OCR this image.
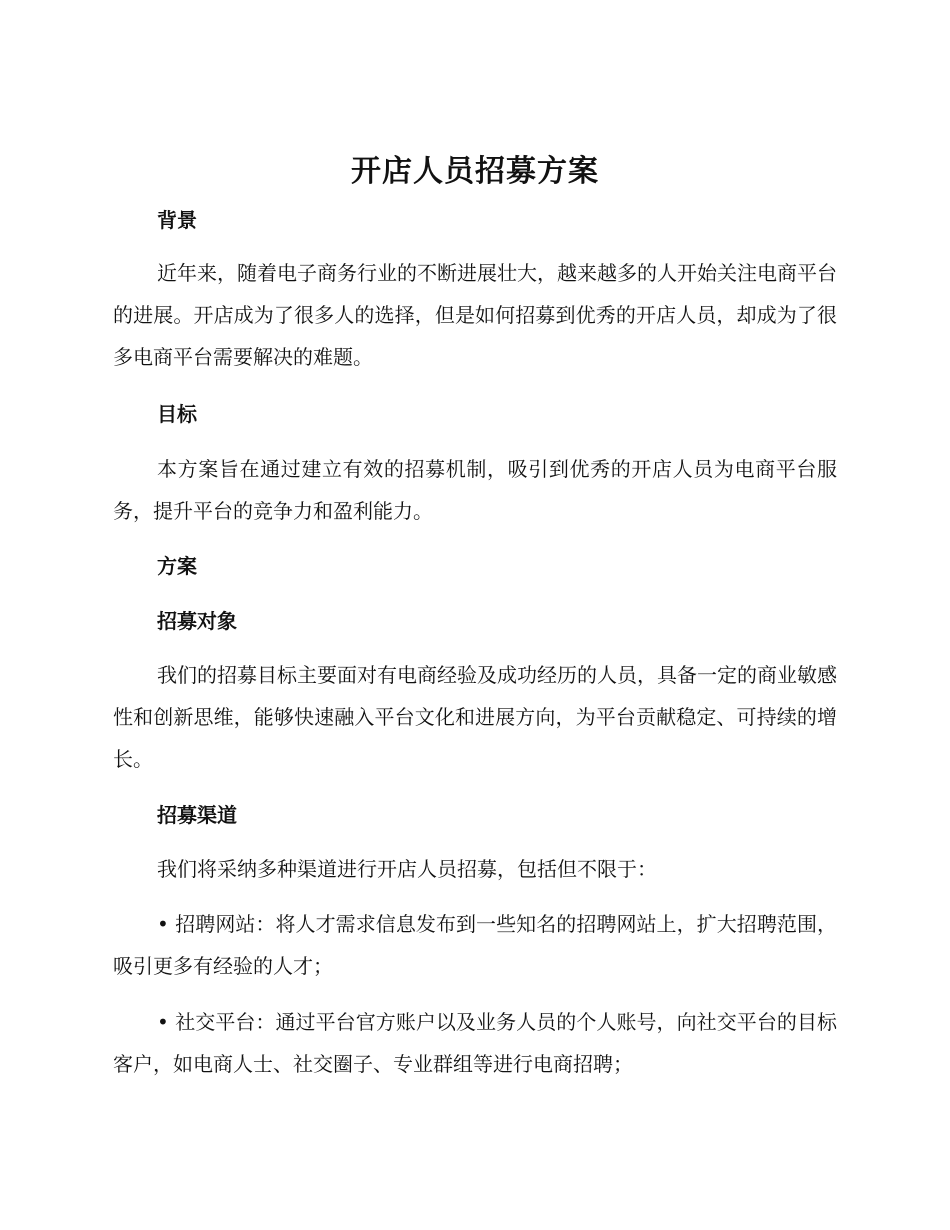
开店人员招募方案
背景
近年来，随着电子商务行业的不断进展壮大，越来越多的人开始关注电商平台的进展。开店成为了很多人的选择，但是如何招募到优秀的开店人员，却成为了很多电商平台需要解决的难题。
目标
本方案旨在通过建立有效的招募机制，吸引到优秀的开店人员为电商平台服务，提升平台的竞争力和盈利能力。
方案
招募对象
我们的招募目标主要面对有电商经验及成功经历的人员，具备一定的商业敏感性和创新思维，能够快速融入平台文化和进展方向，为平台贡献稳定、可持续的增长。
招募渠道
我们将采纳多种渠道进行开店人员招募，包括但不限于：
• 招聘网站：将人才需求信息发布到一些知名的招聘网站上，扩大招聘范围，吸引更多有经验的人才；
• 社交平台：通过平台官方账户以及业务人员的个人账号，向社交平台的目标客户，如电商人士、社交圈子、专业群组等进行电商招聘；
